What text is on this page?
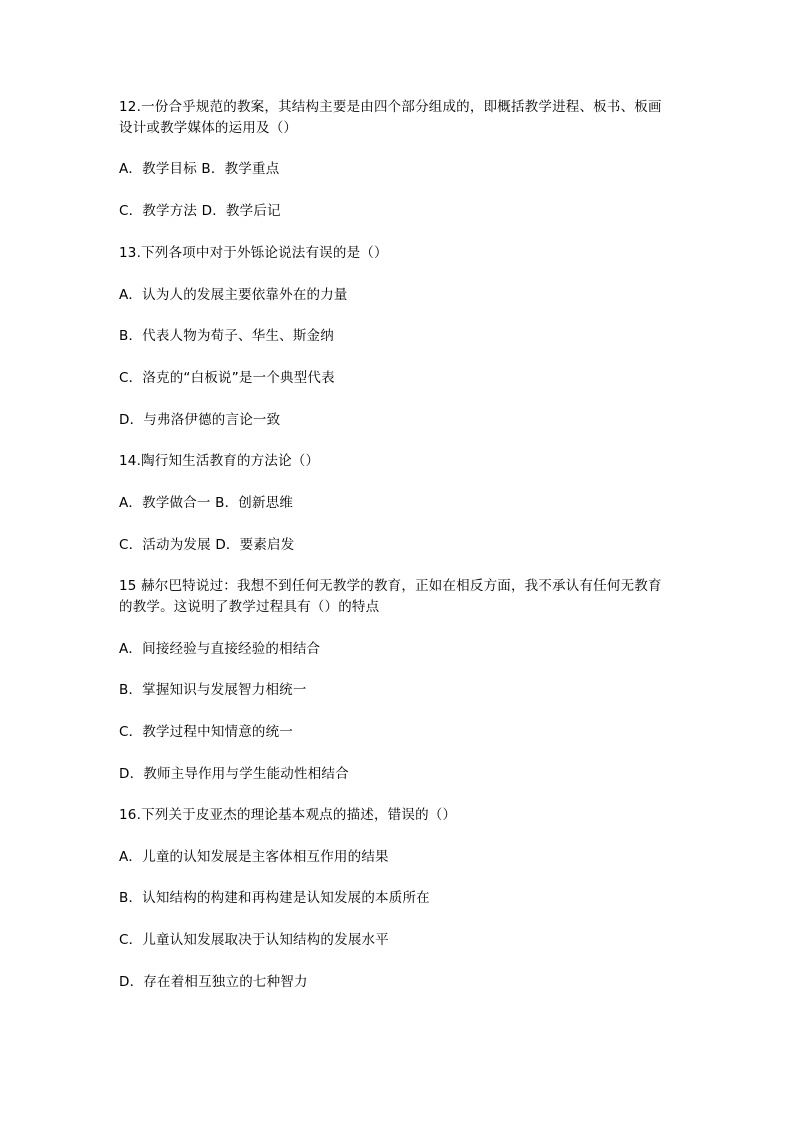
12.一份合乎规范的教案，其结构主要是由四个部分组成的，即概括教学进程、板书、板画
设计或教学媒体的运用及（）
A．教学目标 B．教学重点
C．教学方法 D．教学后记
13.下列各项中对于外铄论说法有误的是（）
A．认为人的发展主要依靠外在的力量
B．代表人物为荀子、华生、斯金纳
C．洛克的“白板说”是一个典型代表
D．与弗洛伊德的言论一致
14.陶行知生活教育的方法论（）
A．教学做合一 B．创新思维
C．活动为发展 D．要素启发
15 赫尔巴特说过：我想不到任何无教学的教育，正如在相反方面，我不承认有任何无教育
的教学。这说明了教学过程具有（）的特点
A．间接经验与直接经验的相结合
B．掌握知识与发展智力相统一
C．教学过程中知情意的统一
D．教师主导作用与学生能动性相结合
16.下列关于皮亚杰的理论基本观点的描述，错误的（）
A．儿童的认知发展是主客体相互作用的结果
B．认知结构的构建和再构建是认知发展的本质所在
C．儿童认知发展取决于认知结构的发展水平
D．存在着相互独立的七种智力
